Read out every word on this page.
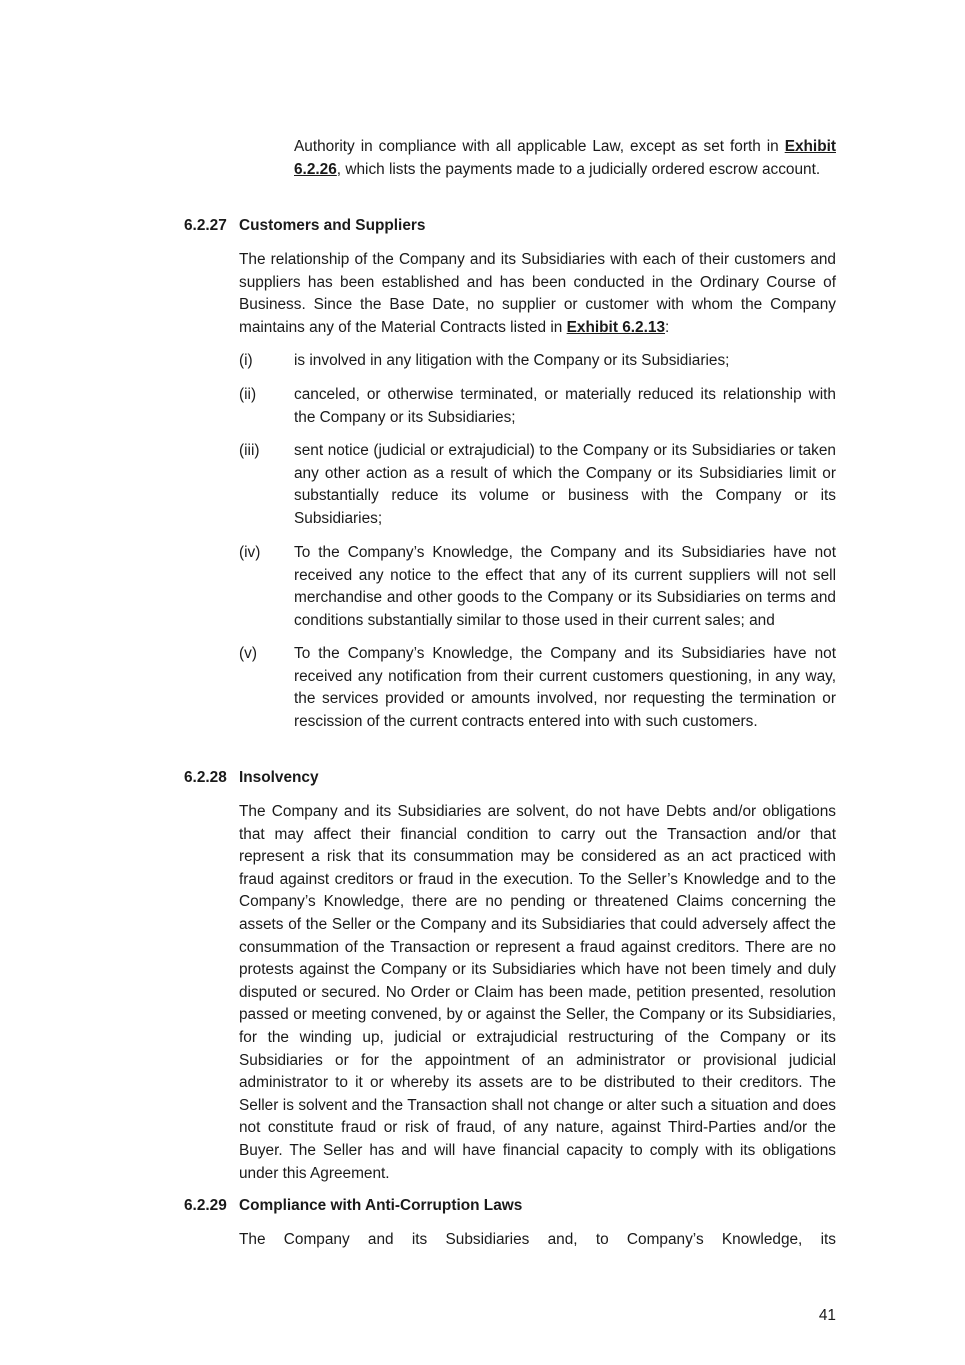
Authority in compliance with all applicable Law, except as set forth in Exhibit 6.2.26, which lists the payments made to a judicially ordered escrow account.

6.2.27 Customers and Suppliers

The relationship of the Company and its Subsidiaries with each of their customers and suppliers has been established and has been conducted in the Ordinary Course of Business. Since the Base Date, no supplier or customer with whom the Company maintains any of the Material Contracts listed in Exhibit 6.2.13:

(i)	is involved in any litigation with the Company or its Subsidiaries;

(ii)	canceled, or otherwise terminated, or materially reduced its relationship with the Company or its Subsidiaries;

(iii)	sent notice (judicial or extrajudicial) to the Company or its Subsidiaries or taken any other action as a result of which the Company or its Subsidiaries limit or substantially reduce its volume or business with the Company or its Subsidiaries;

(iv)	To the Company’s Knowledge, the Company and its Subsidiaries have not received any notice to the effect that any of its current suppliers will not sell merchandise and other goods to the Company or its Subsidiaries on terms and conditions substantially similar to those used in their current sales; and

(v)	To the Company’s Knowledge, the Company and its Subsidiaries have not received any notification from their current customers questioning, in any way, the services provided or amounts involved, nor requesting the termination or rescission of the current contracts entered into with such customers.

6.2.28 Insolvency

The Company and its Subsidiaries are solvent, do not have Debts and/or obligations that may affect their financial condition to carry out the Transaction and/or that represent a risk that its consummation may be considered as an act practiced with fraud against creditors or fraud in the execution. To the Seller’s Knowledge and to the Company’s Knowledge, there are no pending or threatened Claims concerning the assets of the Seller or the Company and its Subsidiaries that could adversely affect the consummation of the Transaction or represent a fraud against creditors. There are no protests against the Company or its Subsidiaries which have not been timely and duly disputed or secured. No Order or Claim has been made, petition presented, resolution passed or meeting convened, by or against the Seller, the Company or its Subsidiaries, for the winding up, judicial or extrajudicial restructuring of the Company or its Subsidiaries or for the appointment of an administrator or provisional judicial administrator to it or whereby its assets are to be distributed to their creditors. The Seller is solvent and the Transaction shall not change or alter such a situation and does not constitute fraud or risk of fraud, of any nature, against Third-Parties and/or the Buyer. The Seller has and will have financial capacity to comply with its obligations under this Agreement.

6.2.29 Compliance with Anti-Corruption Laws

The Company and its Subsidiaries and, to Company’s Knowledge, its

41
